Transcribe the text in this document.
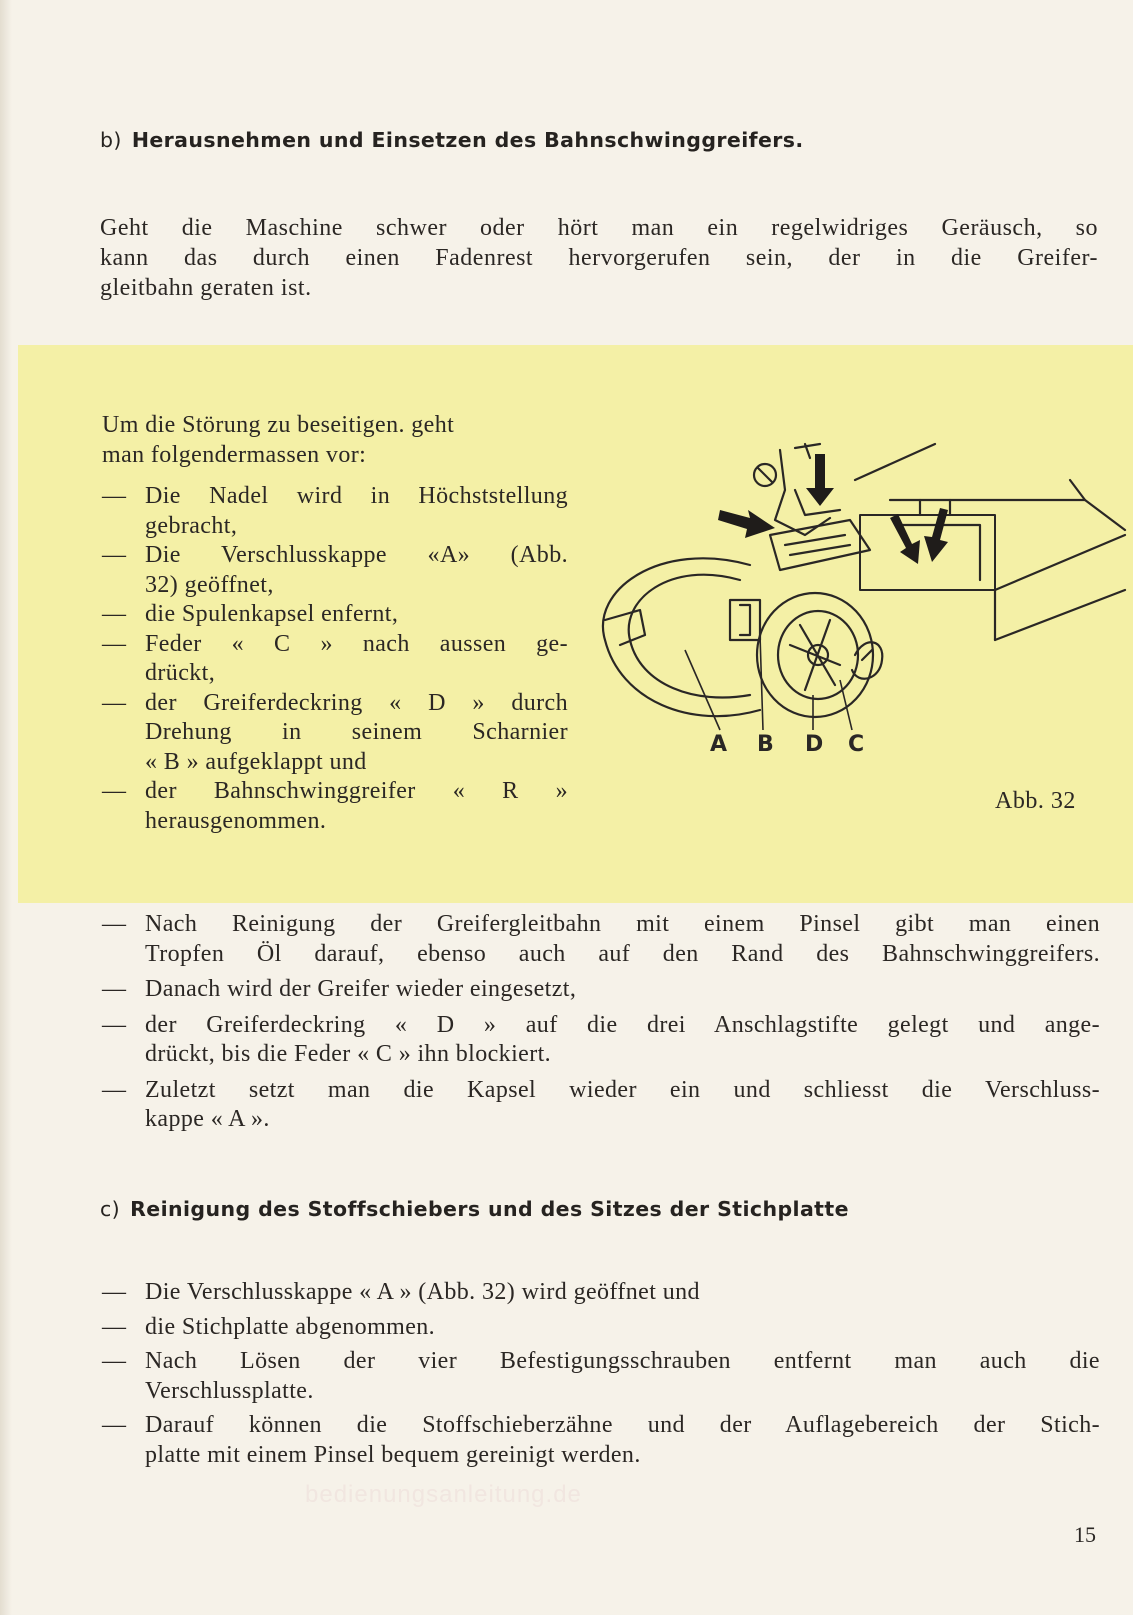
b) Herausnehmen und Einsetzen des Bahnschwinggreifers.
Geht die Maschine schwer oder hört man ein regelwidriges Geräusch, so
kann das durch einen Fadenrest hervorgerufen sein, der in die Greifer-
gleitbahn geraten ist.
Um die Störung zu beseitigen. geht
man folgendermassen vor:
— Die Nadel wird in Höchststellung
gebracht,
— Die Verschlusskappe «A» (Abb.
32) geöffnet,
— die Spulenkapsel enfernt,
— Feder « C » nach aussen ge-
drückt,
— der Greiferdeckring « D » durch
Drehung in seinem Scharnier
« B » aufgeklappt und
— der Bahnschwinggreifer « R »
herausgenommen.
A B D C
Abb. 32
— Nach Reinigung der Greifergleitbahn mit einem Pinsel gibt man einen
Tropfen Öl darauf, ebenso auch auf den Rand des Bahnschwinggreifers.
— Danach wird der Greifer wieder eingesetzt,
— der Greiferdeckring « D » auf die drei Anschlagstifte gelegt und ange-
drückt, bis die Feder « C » ihn blockiert.
— Zuletzt setzt man die Kapsel wieder ein und schliesst die Verschluss-
kappe « A ».
c) Reinigung des Stoffschiebers und des Sitzes der Stichplatte
— Die Verschlusskappe « A » (Abb. 32) wird geöffnet und
— die Stichplatte abgenommen.
— Nach Lösen der vier Befestigungsschrauben entfernt man auch die
Verschlussplatte.
— Darauf können die Stoffschieberzähne und der Auflagebereich der Stich-
platte mit einem Pinsel bequem gereinigt werden.
bedienungsanleitung.de
15
